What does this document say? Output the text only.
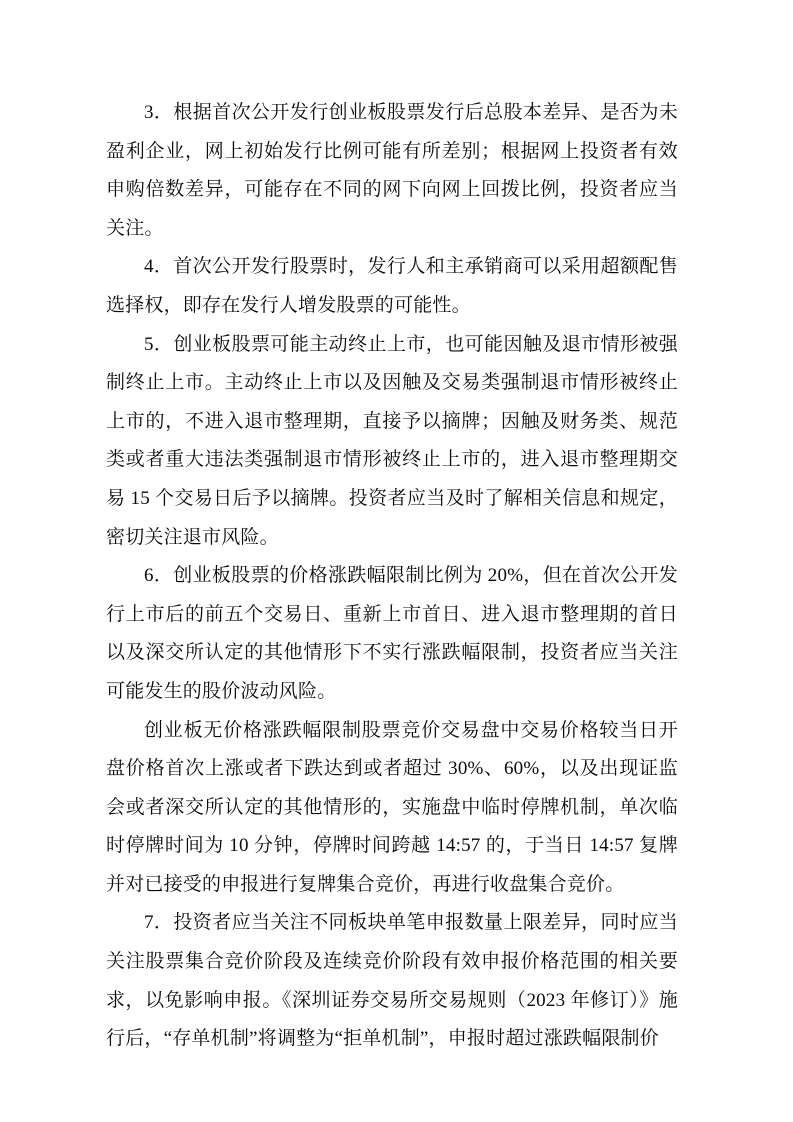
3．根据首次公开发行创业板股票发行后总股本差异、是否为未盈利企业，网上初始发行比例可能有所差别；根据网上投资者有效申购倍数差异，可能存在不同的网下向网上回拨比例，投资者应当关注。

4．首次公开发行股票时，发行人和主承销商可以采用超额配售选择权，即存在发行人增发股票的可能性。

5．创业板股票可能主动终止上市，也可能因触及退市情形被强制终止上市。主动终止上市以及因触及交易类强制退市情形被终止上市的，不进入退市整理期，直接予以摘牌；因触及财务类、规范类或者重大违法类强制退市情形被终止上市的，进入退市整理期交易 15 个交易日后予以摘牌。投资者应当及时了解相关信息和规定，密切关注退市风险。

6．创业板股票的价格涨跌幅限制比例为 20%，但在首次公开发行上市后的前五个交易日、重新上市首日、进入退市整理期的首日以及深交所认定的其他情形下不实行涨跌幅限制，投资者应当关注可能发生的股价波动风险。

创业板无价格涨跌幅限制股票竞价交易盘中交易价格较当日开盘价格首次上涨或者下跌达到或者超过 30%、60%，以及出现证监会或者深交所认定的其他情形的，实施盘中临时停牌机制，单次临时停牌时间为 10 分钟，停牌时间跨越 14:57 的，于当日 14:57 复牌并对已接受的申报进行复牌集合竞价，再进行收盘集合竞价。

7．投资者应当关注不同板块单笔申报数量上限差异，同时应当关注股票集合竞价阶段及连续竞价阶段有效申报价格范围的相关要求，以免影响申报。《深圳证券交易所交易规则（2023 年修订）》施行后，“存单机制”将调整为“拒单机制”，申报时超过涨跌幅限制价
